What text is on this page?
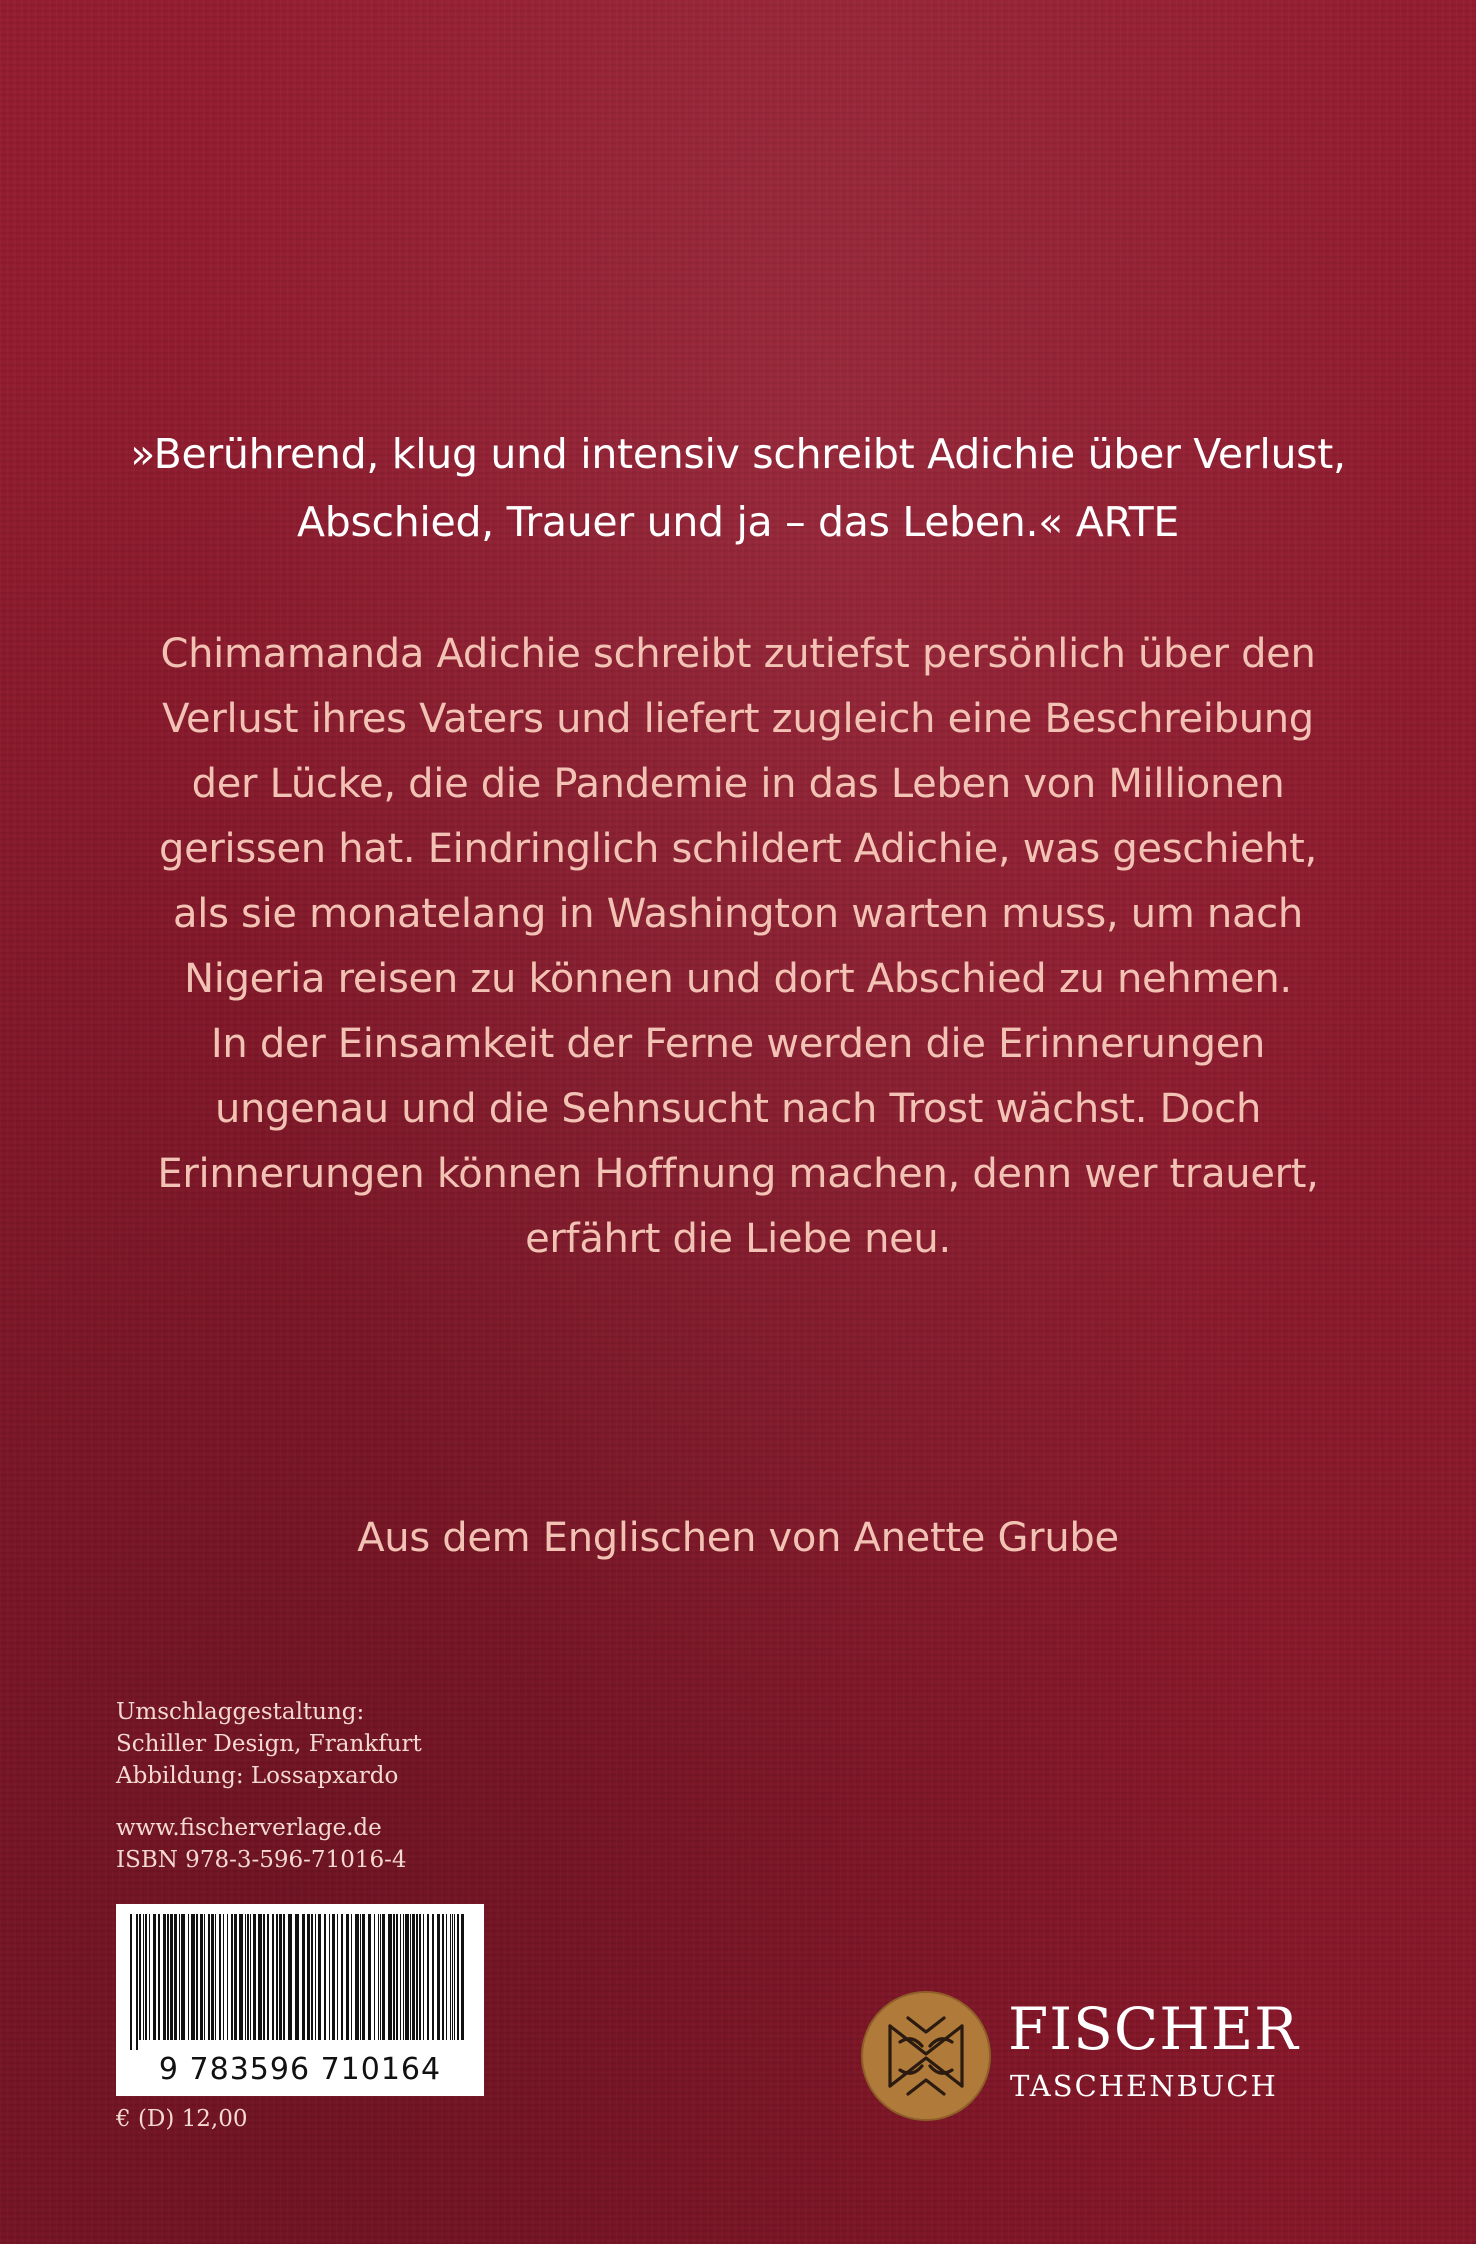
»Berührend, klug und intensiv schreibt Adichie über Verlust,
Abschied, Trauer und ja – das Leben.« ARTE
Chimamanda Adichie schreibt zutiefst persönlich über den
Verlust ihres Vaters und liefert zugleich eine Beschreibung
der Lücke, die die Pandemie in das Leben von Millionen
gerissen hat. Eindringlich schildert Adichie, was geschieht,
als sie monatelang in Washington warten muss, um nach
Nigeria reisen zu können und dort Abschied zu nehmen.
In der Einsamkeit der Ferne werden die Erinnerungen
ungenau und die Sehnsucht nach Trost wächst. Doch
Erinnerungen können Hoffnung machen, denn wer trauert,
erfährt die Liebe neu.
Aus dem Englischen von Anette Grube
Umschlaggestaltung:
Schiller Design, Frankfurt
Abbildung: Lossapxardo
www.fischerverlage.de
ISBN 978-3-596-71016-4
9 783596 710164
€ (D) 12,00
FISCHER
TASCHENBUCH
